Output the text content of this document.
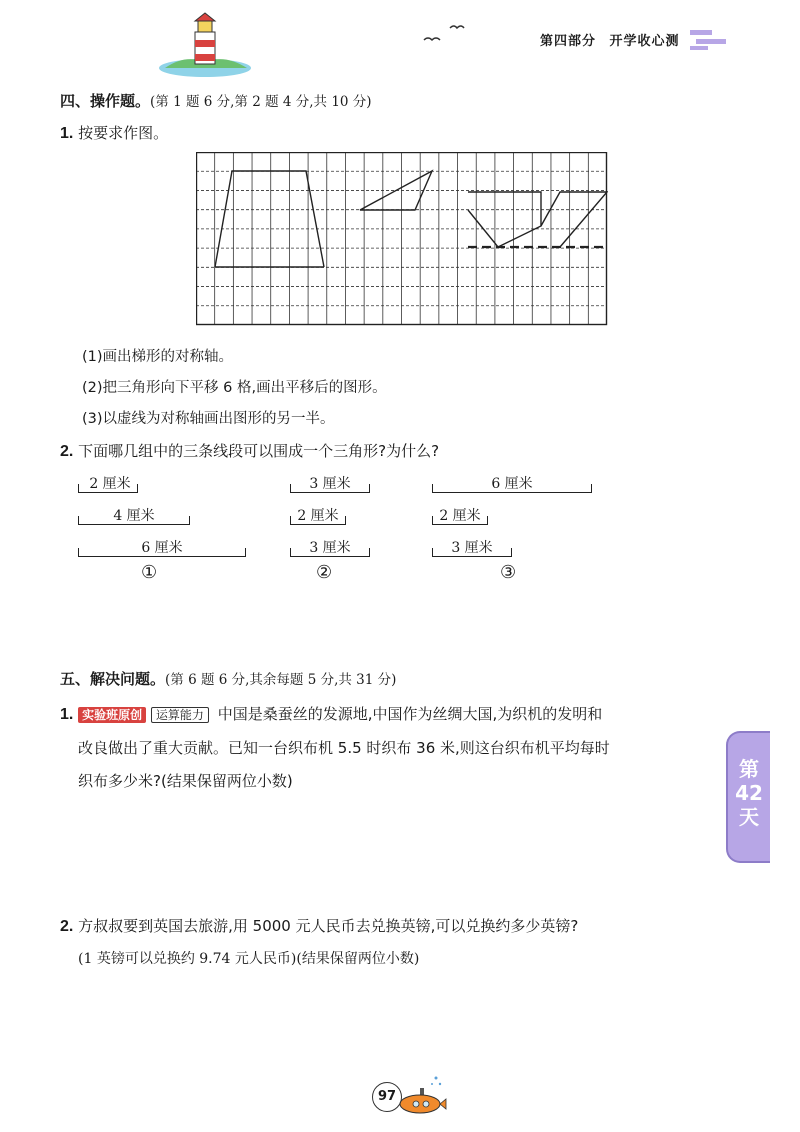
第四部分 开学收心测
四、操作题。(第 1 题 6 分,第 2 题 4 分,共 10 分)
1. 按要求作图。
(1)画出梯形的对称轴。
(2)把三角形向下平移 6 格,画出平移后的图形。
(3)以虚线为对称轴画出图形的另一半。
2. 下面哪几组中的三条线段可以围成一个三角形?为什么?
2 厘米
4 厘米
6 厘米
①
3 厘米
2 厘米
3 厘米
②
6 厘米
2 厘米
3 厘米
③
五、解决问题。(第 6 题 6 分,其余每题 5 分,共 31 分)
1. 实验班原创 运算能力 中国是桑蚕丝的发源地,中国作为丝绸大国,为织机的发明和
改良做出了重大贡献。已知一台织布机 5.5 时织布 36 米,则这台织布机平均每时
织布多少米?(结果保留两位小数)
2. 方叔叔要到英国去旅游,用 5000 元人民币去兑换英镑,可以兑换约多少英镑?
(1 英镑可以兑换约 9.74 元人民币)(结果保留两位小数)
第
42
天
97
